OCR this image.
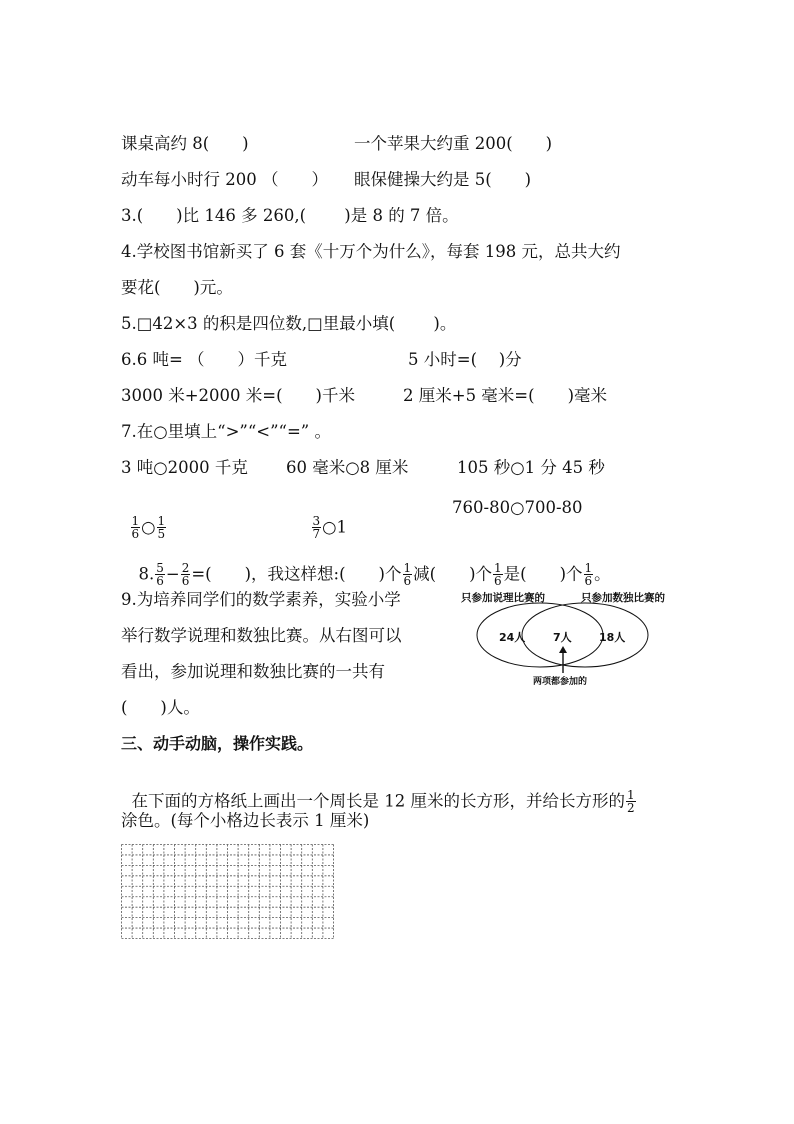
课桌高约 8(　　)	一个苹果大约重 200(　　)
动车每小时行 200 （　　） 眼保健操大约是 5(　　)
3.(　　)比 146 多 260,(　　 )是 8 的 7 倍。
4.学校图书馆新买了 6 套《十万个为什么》，每套 198 元，总共大约
要花(　　)元。
5.□42×3 的积是四位数,□里最小填(　　 )。
6.6 吨= （　　）千克	5 小时=(　 )分
3000 米+2000 米=(　　)千米	2 厘米+5 毫米=(　　)毫米
7.在○里填上“>”“<”“=” 。
3 吨○2000 千克 60 毫米○8 厘米	105 秒○1 分 45 秒

$\frac{1}{6}$ ○ $\frac{1}{5}$

	$\frac{3}{7}$ ○1

760-80○700-80

8. $\frac{5}{6} - \frac{2}{6}$ =(　　)，我这样想:(　　)个 $\frac{1}{6}$ 减(　　)个 $\frac{1}{6}$ 是(　　)个 $\frac{1}{6}$ 。

9.为培养同学们的数学素养，实验小学
举行数学说理和数独比赛。从右图可以
看出，参加说理和数独比赛的一共有
(　　)人。
只参加说理比赛的	只参加数独比赛的
24人	7人 18人
两项都参加的
三、动手动脑，操作实践。

在下面的方格纸上画出一个周长是 12 厘米的长方形，并给长方形的 $\frac{1}{2}$

涂色。(每个小格边长表示 1 厘米)
